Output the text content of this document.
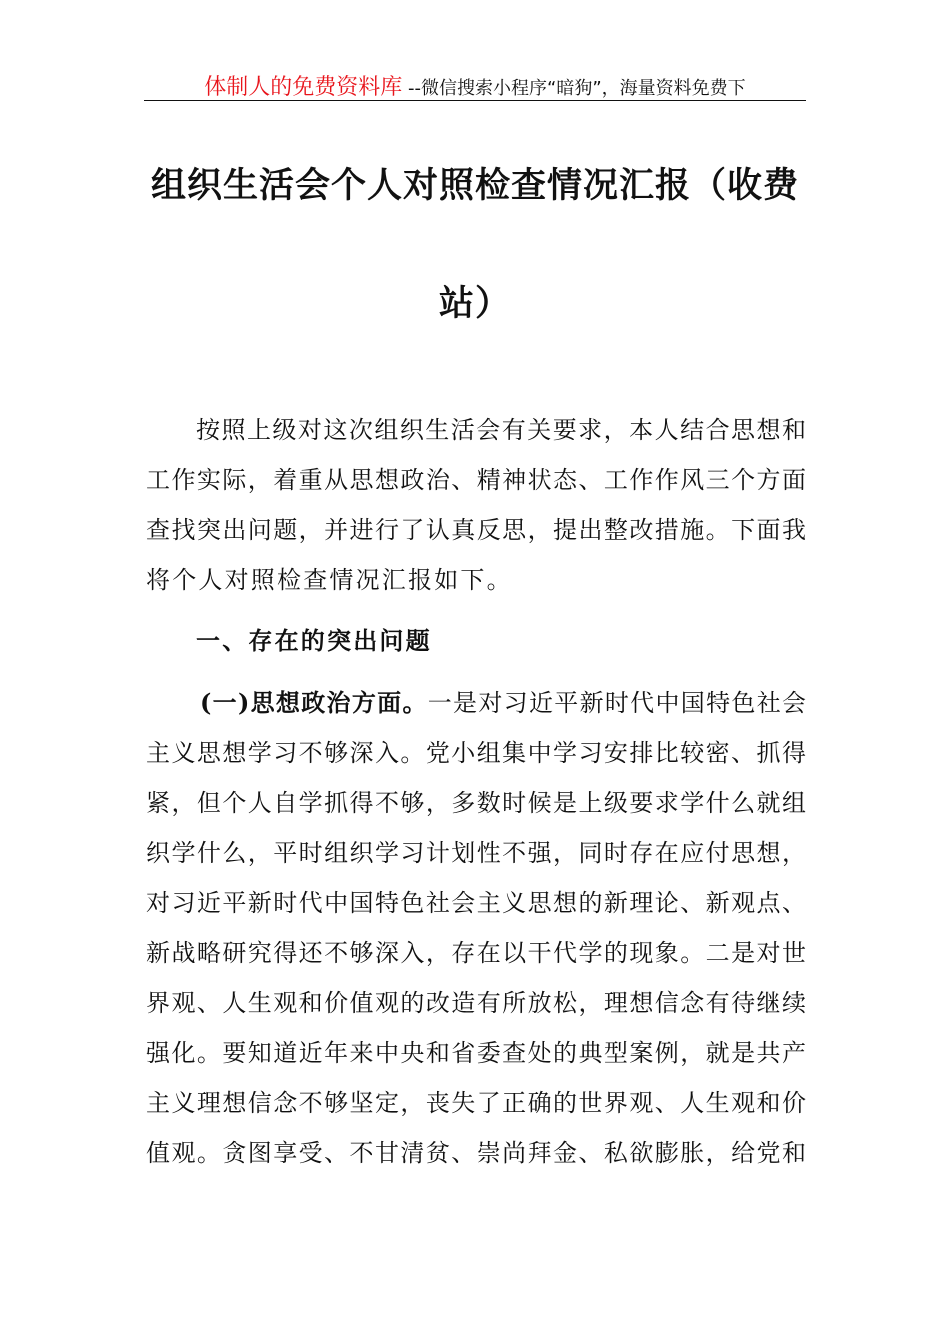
体制人的免费资料库 --微信搜索小程序“暗狗”，海量资料免费下
组织生活会个人对照检查情况汇报（收费
站）
按照上级对这次组织生活会有关要求，本人结合思想和
工作实际，着重从思想政治、精神状态、工作作风三个方面
查找突出问题，并进行了认真反思，提出整改措施。下面我
将个人对照检查情况汇报如下。
一、存在的突出问题
(一)思想政治方面。一是对习近平新时代中国特色社会
主义思想学习不够深入。党小组集中学习安排比较密、抓得
紧，但个人自学抓得不够，多数时候是上级要求学什么就组
织学什么，平时组织学习计划性不强，同时存在应付思想，
对习近平新时代中国特色社会主义思想的新理论、新观点、
新战略研究得还不够深入，存在以干代学的现象。二是对世
界观、人生观和价值观的改造有所放松，理想信念有待继续
强化。要知道近年来中央和省委查处的典型案例，就是共产
主义理想信念不够坚定，丧失了正确的世界观、人生观和价
值观。贪图享受、不甘清贫、崇尚拜金、私欲膨胀，给党和
